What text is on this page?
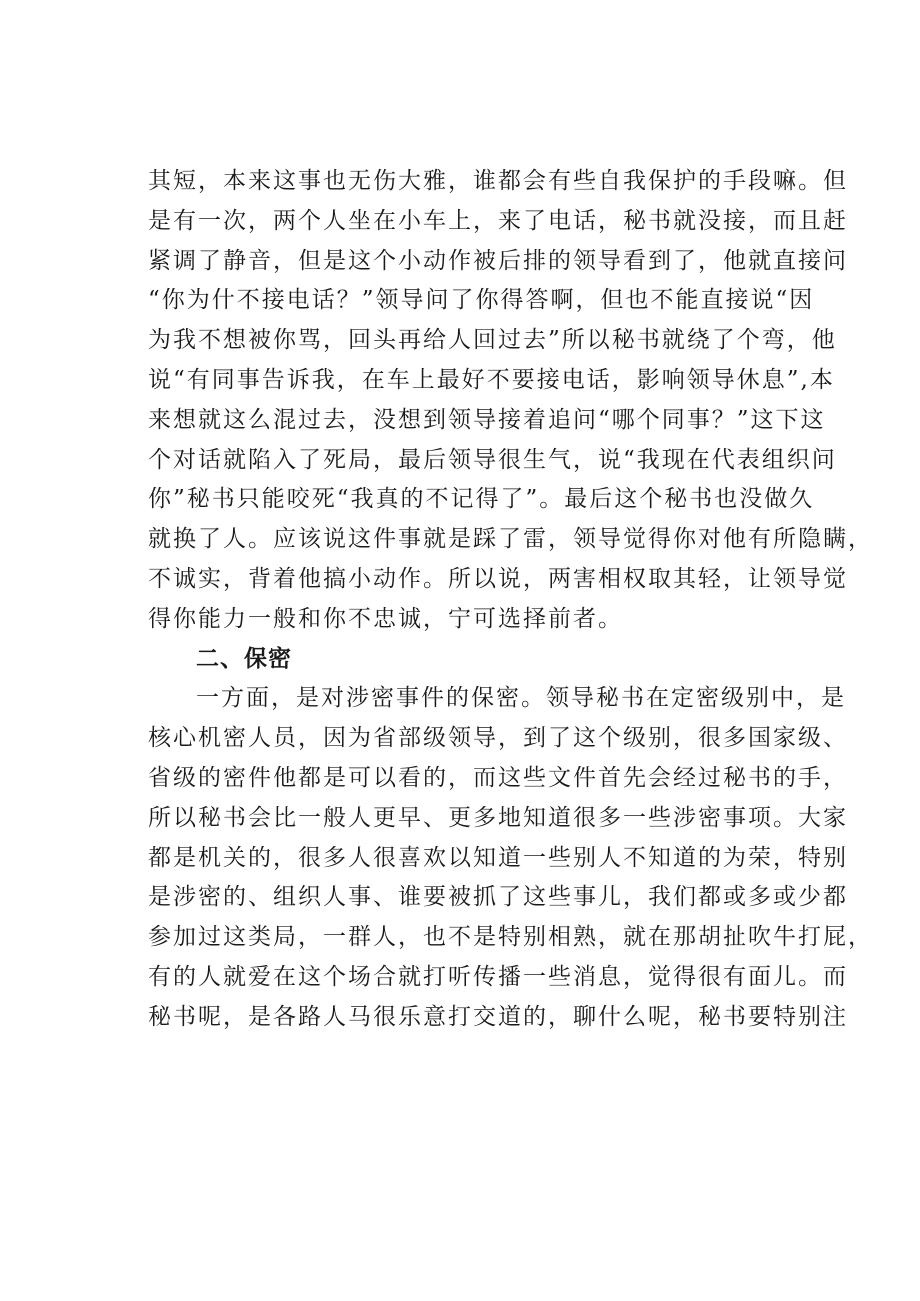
其短，本来这事也无伤大雅，谁都会有些自我保护的手段嘛。但
是有一次，两个人坐在小车上，来了电话，秘书就没接，而且赶
紧调了静音，但是这个小动作被后排的领导看到了，他就直接问
“你为什不接电话？”领导问了你得答啊，但也不能直接说“因
为我不想被你骂，回头再给人回过去”所以秘书就绕了个弯，他
说“有同事告诉我，在车上最好不要接电话，影响领导休息”,本
来想就这么混过去，没想到领导接着追问“哪个同事？”这下这
个对话就陷入了死局，最后领导很生气，说“我现在代表组织问
你”秘书只能咬死“我真的不记得了”。最后这个秘书也没做久
就换了人。应该说这件事就是踩了雷，领导觉得你对他有所隐瞒，
不诚实，背着他搞小动作。所以说，两害相权取其轻，让领导觉
得你能力一般和你不忠诚，宁可选择前者。
二、保密
一方面，是对涉密事件的保密。领导秘书在定密级别中，是
核心机密人员，因为省部级领导，到了这个级别，很多国家级、
省级的密件他都是可以看的，而这些文件首先会经过秘书的手，
所以秘书会比一般人更早、更多地知道很多一些涉密事项。大家
都是机关的，很多人很喜欢以知道一些别人不知道的为荣，特别
是涉密的、组织人事、谁要被抓了这些事儿，我们都或多或少都
参加过这类局，一群人，也不是特别相熟，就在那胡扯吹牛打屁，
有的人就爱在这个场合就打听传播一些消息，觉得很有面儿。而
秘书呢，是各路人马很乐意打交道的，聊什么呢，秘书要特别注
